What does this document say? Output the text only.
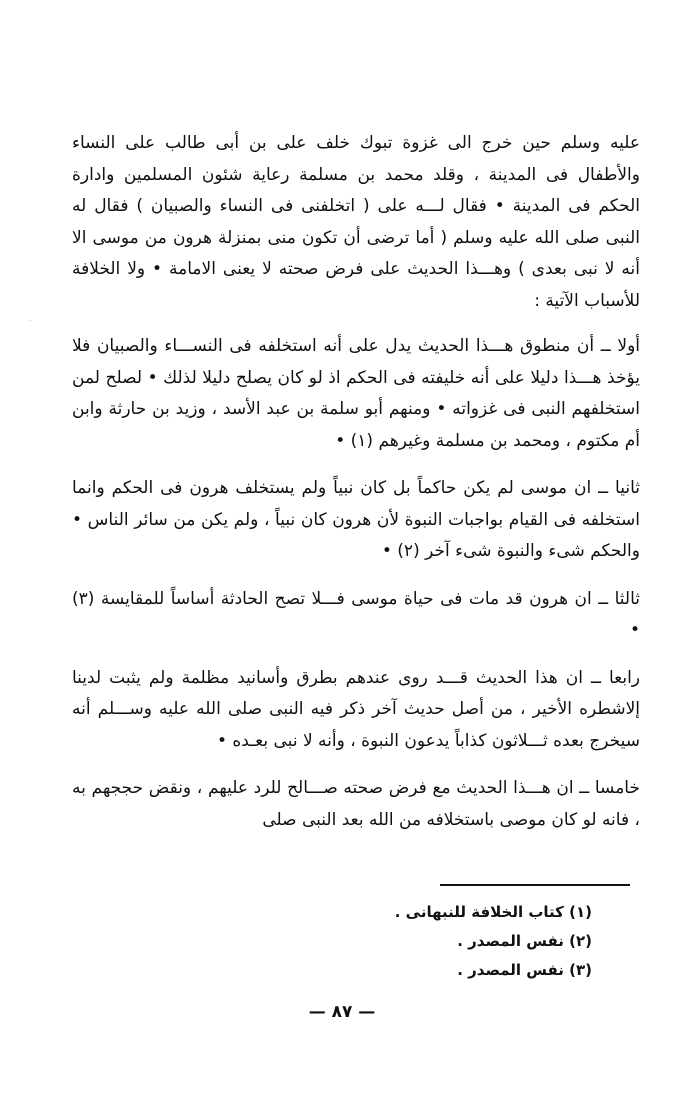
عليه وسلم حين خرج الى غزوة تبوك خلف على بن أبى طالب على النساء والأطفال فى المدينة ، وقلد محمد بن مسلمة رعاية شئون المسلمين وادارة الحكم فى المدينة • فقال لـــه على ( اتخلفنى فى النساء والصبيان ) فقال له النبى صلى الله عليه وسلم ( أما ترضى أن تكون منى بمنزلة هرون من موسى الا أنه لا نبى بعدى ) وهـــذا الحديث على فرض صحته لا يعنى الامامة • ولا الخلافة للأسباب الآتية :

أولا ــ أن منطوق هـــذا الحديث يدل على أنه استخلفه فى النســـاء والصبيان فلا يؤخذ هـــذا دليلا على أنه خليفته فى الحكم اذ لو كان يصلح دليلا لذلك • لصلح لمن استخلفهم النبى فى غزواته • ومنهم أبو سلمة بن عبد الأسد ، وزيد بن حارثة وابن أم مكتوم ، ومحمد بن مسلمة وغيرهم (١) •

ثانيا ــ ان موسى لم يكن حاكماً بل كان نبياً ولم يستخلف هرون فى الحكم وانما استخلفه فى القيام بواجبات النبوة لأن هرون كان نبياً ، ولم يكن من سائر الناس • والحكم شىء والنبوة شىء آخر (٢) •

ثالثا ــ ان هرون قد مات فى حياة موسى فـــلا تصح الحادثة أساساً للمقايسة (٣) •

رابعا ــ ان هذا الحديث قـــد روى عندهم بطرق وأسانيد مظلمة ولم يثبت لدينا إلاشطره الأخير ، من أصل حديث آخر ذكر فيه النبى صلى الله عليه وســـلم أنه سيخرج بعده ثـــلاثون كذاباً يدعون النبوة ، وأنه لا نبى بعـده •

خامسا ــ ان هـــذا الحديث مع فرض صحته صـــالح للرد عليهم ، ونقض حججهم به ، فانه لو كان موصى باستخلافه من الله بعد النبى صلى

(١) كتاب الخلافة للنبهانى .

(٢) نفس المصدر .

(٣) نفس المصدر .

— ٨٧ —
